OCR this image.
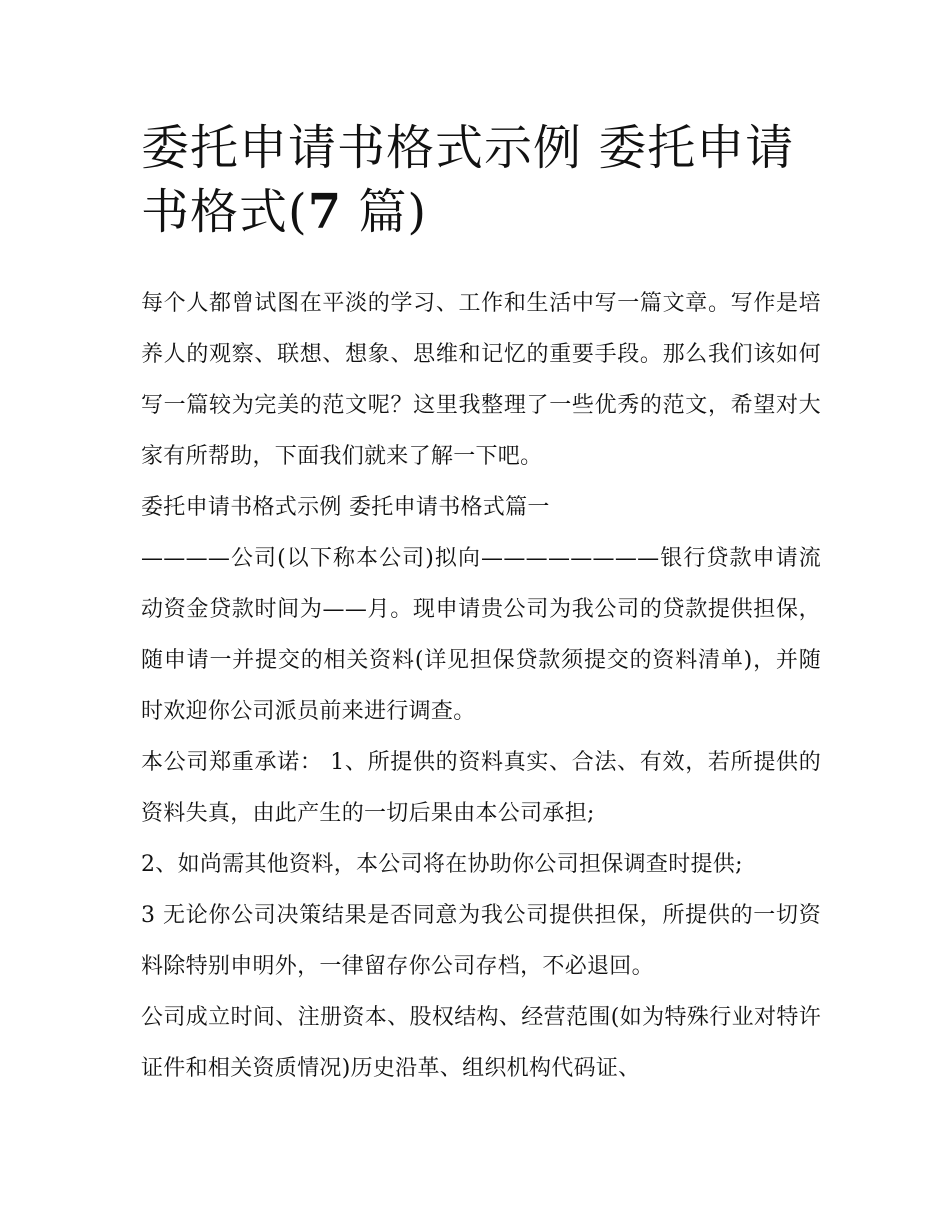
委托申请书格式示例 委托申请书格式(7 篇)

每个人都曾试图在平淡的学习、工作和生活中写一篇文章。写作是培养人的观察、联想、想象、思维和记忆的重要手段。那么我们该如何写一篇较为完美的范文呢？这里我整理了一些优秀的范文，希望对大家有所帮助，下面我们就来了解一下吧。

委托申请书格式示例 委托申请书格式篇一

————公司(以下称本公司)拟向————————银行贷款申请流动资金贷款时间为——月。现申请贵公司为我公司的贷款提供担保，随申请一并提交的相关资料(详见担保贷款须提交的资料清单)，并随时欢迎你公司派员前来进行调查。

本公司郑重承诺： 1、所提供的资料真实、合法、有效，若所提供的资料失真，由此产生的一切后果由本公司承担;

2、如尚需其他资料，本公司将在协助你公司担保调查时提供;

3 无论你公司决策结果是否同意为我公司提供担保，所提供的一切资料除特别申明外，一律留存你公司存档，不必退回。

公司成立时间、注册资本、股权结构、经营范围(如为特殊行业对特许证件和相关资质情况)历史沿革、组织机构代码证、
